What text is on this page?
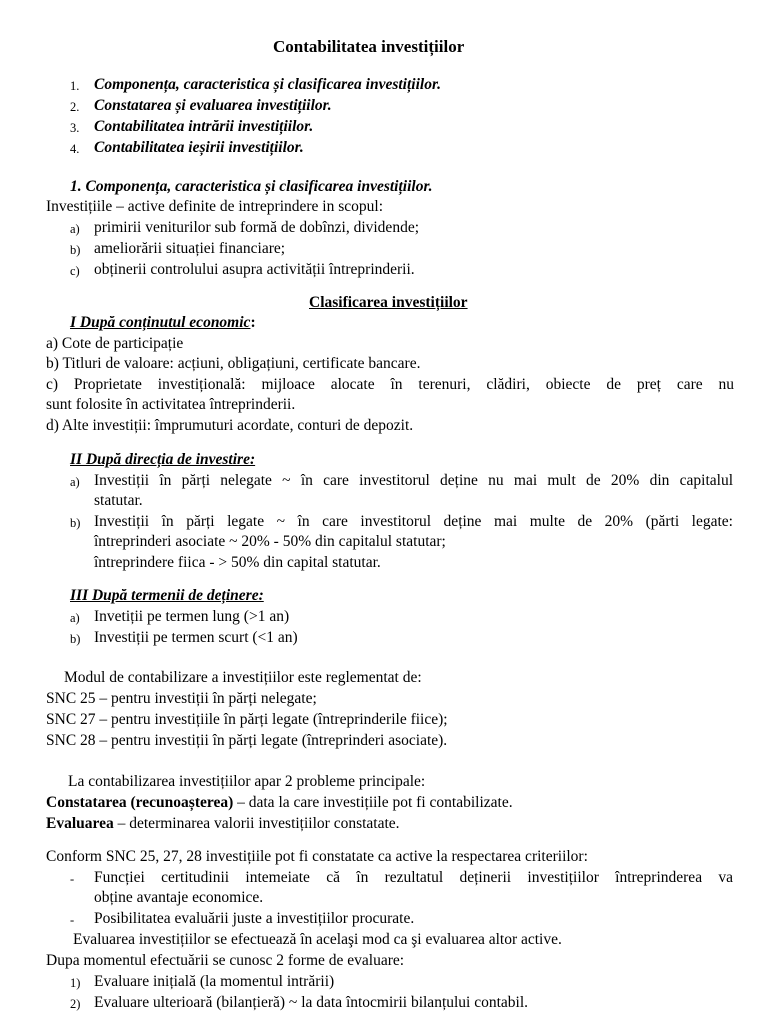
Contabilitatea investițiilor
1. Componența, caracteristica și clasificarea investițiilor.
2. Constatarea și evaluarea investițiilor.
3. Contabilitatea intrării investițiilor.
4. Contabilitatea ieșirii investițiilor.
1. Componența, caracteristica și clasificarea investițiilor.
Investițiile – active definite de intreprindere in scopul:
a) primirii veniturilor sub formă de dobînzi, dividende;
b) ameliorării situației financiare;
c) obținerii controlului asupra activității întreprinderii.
Clasificarea investițiilor
I După conținutul economic:
a) Cote de participație
b) Titluri de valoare: acțiuni, obligațiuni, certificate bancare.
c) Proprietate investițională: mijloace alocate în terenuri, clădiri, obiecte de preț care nu
sunt folosite în activitatea întreprinderii.
d) Alte investiții: împrumuturi acordate, conturi de depozit.
II După direcția de investire:
a) Investiții în părți nelegate ~ în care investitorul deține nu mai mult de 20% din capitalul
statutar.
b) Investiții în părți legate ~ în care investitorul deține mai multe de 20% (părti legate:
întreprinderi asociate ~ 20% - 50% din capitalul statutar;
întreprindere fiica - > 50% din capital statutar.
III După termenii de deținere:
a) Invetiții pe termen lung (>1 an)
b) Investiții pe termen scurt (<1 an)
Modul de contabilizare a investițiilor este reglementat de:
SNC 25 – pentru investiții în părți nelegate;
SNC 27 – pentru investițiile în părți legate (întreprinderile fiice);
SNC 28 – pentru investiții în părți legate (întreprinderi asociate).
La contabilizarea investițiilor apar 2 probleme principale:
Constatarea (recunoașterea) – data la care investițiile pot fi contabilizate.
Evaluarea – determinarea valorii investițiilor constatate.
Conform SNC 25, 27, 28 investițiile pot fi constatate ca active la respectarea criteriilor:
- Funcției certitudinii intemeiate că în rezultatul deținerii investițiilor întreprinderea va
obține avantaje economice.
- Posibilitatea evaluării juste a investițiilor procurate.
Evaluarea investițiilor se efectuează în acelaşi mod ca şi evaluarea altor active.
Dupa momentul efectuării se cunosc 2 forme de evaluare:
1) Evaluare inițială (la momentul intrării)
2) Evaluare ulterioară (bilanțieră) ~ la data întocmirii bilanțului contabil.
